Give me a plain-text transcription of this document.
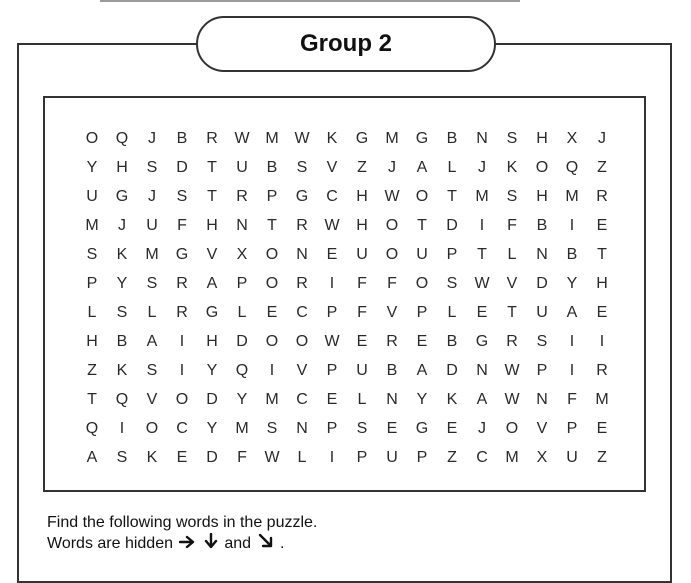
Group 2
O	Q	J	B	R	W M W	K	G	M	G	B	N	S	H	X	J
Y	H	S	D	T	U	B	S	V	Z	J	A	L	J	K	O	Q	Z
U	G	J	S	T	R	P	G	C	H	W	O	T	M	S	H	M	R
M	J	U	F	H	N	T	R	W	H	O	T	D	I	F	B	I	E
S	K	M	G	V	X	O	N	E	U	O	U	P	T	L	N	B	T
P	Y	S	R	A	P	O	R	I	F	F	O	S	W	V	D	Y	H
L	S	L	R	G	L	E	C	P	F	V	P	L	E	T	U	A	E
H	B	A	I	H	D	O	O	W	E	R	E	B	G	R	S	I	I
Z	K	S	I	Y	Q	I	V	P	U	B	A	D	N	W	P	I	R
T	Q	V	O	D	Y	M	C	E	L	N	Y	K	A	W	N	F	M
Q	I	O	C	Y	M	S	N	P	S	E	G	E	J	O	V	P	E
A	S	K	E	D	F	W	L	I	P	U	P	Z	C	M	X	U	Z
Find the following words in the puzzle.
Words are hidden	and .
